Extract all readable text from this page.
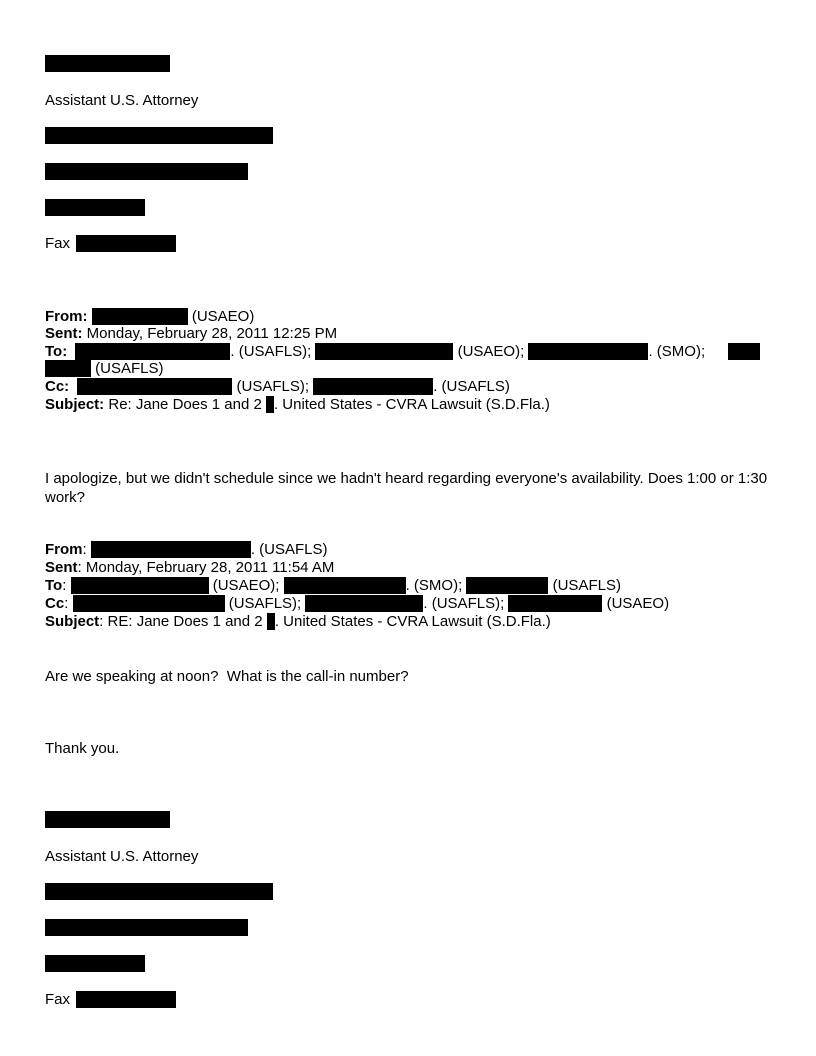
Assistant U.S. Attorney
Fax
From:	(USAEO)
Sent: Monday, February 28, 2011 12:25 PM
To:	. (USAFLS);	(USAEO);	. (SMO);
(USAFLS)
Cc:	(USAFLS);	. (USAFLS)
Subject: Re: Jane Does 1 and 2 . United States - CVRA Lawsuit (S.D.Fla.)
I apologize, but we didn't schedule since we hadn't heard regarding everyone's availability. Does 1:00 or 1:30 work?
From:	. (USAFLS)
Sent: Monday, February 28, 2011 11:54 AM
To:	(USAEO);	. (SMO);	(USAFLS)
Cc:	(USAFLS);	. (USAFLS);	(USAEO)
Subject: RE: Jane Does 1 and 2 . United States - CVRA Lawsuit (S.D.Fla.)
Are we speaking at noon?  What is the call-in number?
Thank you.
Assistant U.S. Attorney
Fax
